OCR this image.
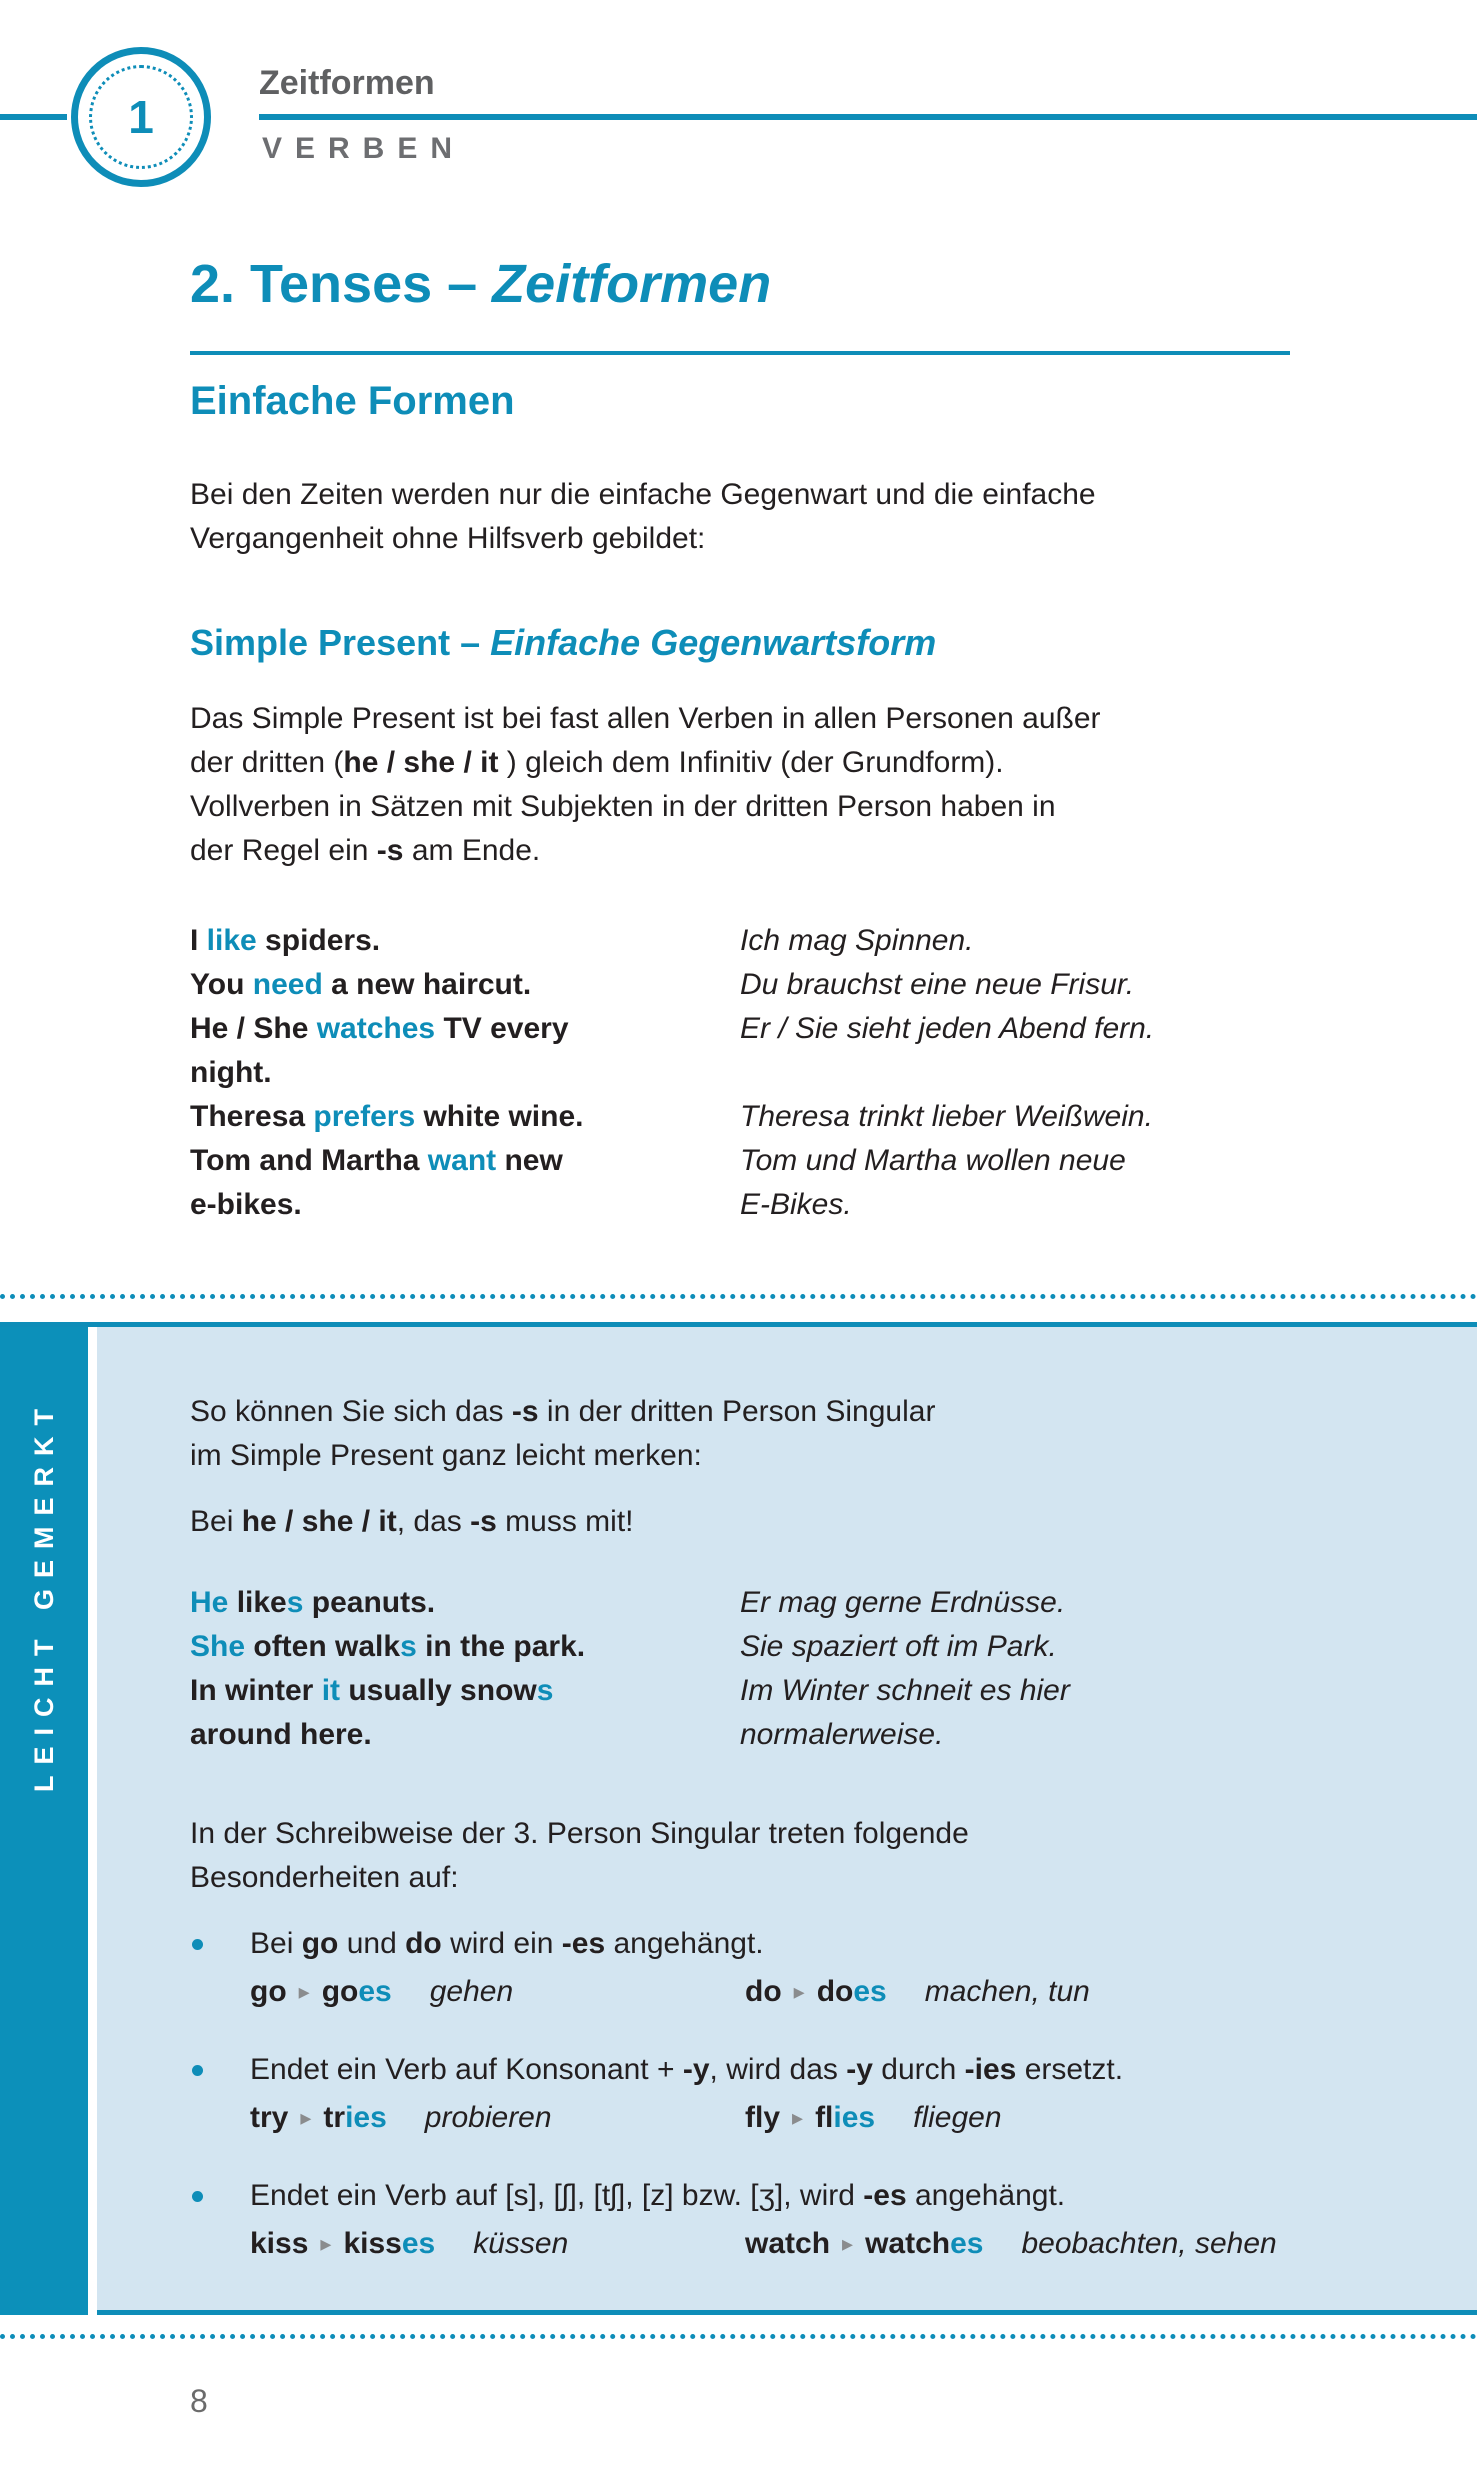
1
Zeitformen
VERBEN
2. Tenses – Zeitformen
Einfache Formen
Bei den Zeiten werden nur die einfache Gegenwart und die einfache
Vergangenheit ohne Hilfsverb gebildet:
Simple Present – Einfache Gegenwartsform
Das Simple Present ist bei fast allen Verben in allen Personen außer
der dritten (he / she / it ) gleich dem Infinitiv (der Grundform).
Vollverben in Sätzen mit Subjekten in der dritten Person haben in
der Regel ein -s am Ende.
I like spiders.	Ich mag Spinnen.
You need a new haircut.	Du brauchst eine neue Frisur.
He / She watches TV every	Er / Sie sieht jeden Abend fern.
night.
Theresa prefers white wine.	Theresa trinkt lieber Weißwein.
Tom and Martha want new	Tom und Martha wollen neue
e-bikes.	E-Bikes.
LEICHT GEMERKT	So können Sie sich das -s in der dritten Person Singular
im Simple Present ganz leicht merken:
Bei he / she / it, das -s muss mit!
He likes peanuts.	Er mag gerne Erdnüsse.
She often walks in the park.	Sie spaziert oft im Park.
In winter it usually snows	Im Winter schneit es hier
around here.	normalerweise.
In der Schreibweise der 3. Person Singular treten folgende
Besonderheiten auf:
Bei go und do wird ein -es angehängt.
go ▸ goes gehen	do ▸ does machen, tun
Endet ein Verb auf Konsonant + -y, wird das -y durch -ies ersetzt.
try ▸ tries probieren	fly ▸ flies fliegen
Endet ein Verb auf [s], [ʃ], [tʃ], [z] bzw. [ʒ], wird -es angehängt.
kiss ▸ kisses küssen	watch ▸ watches beobachten, sehen
8
